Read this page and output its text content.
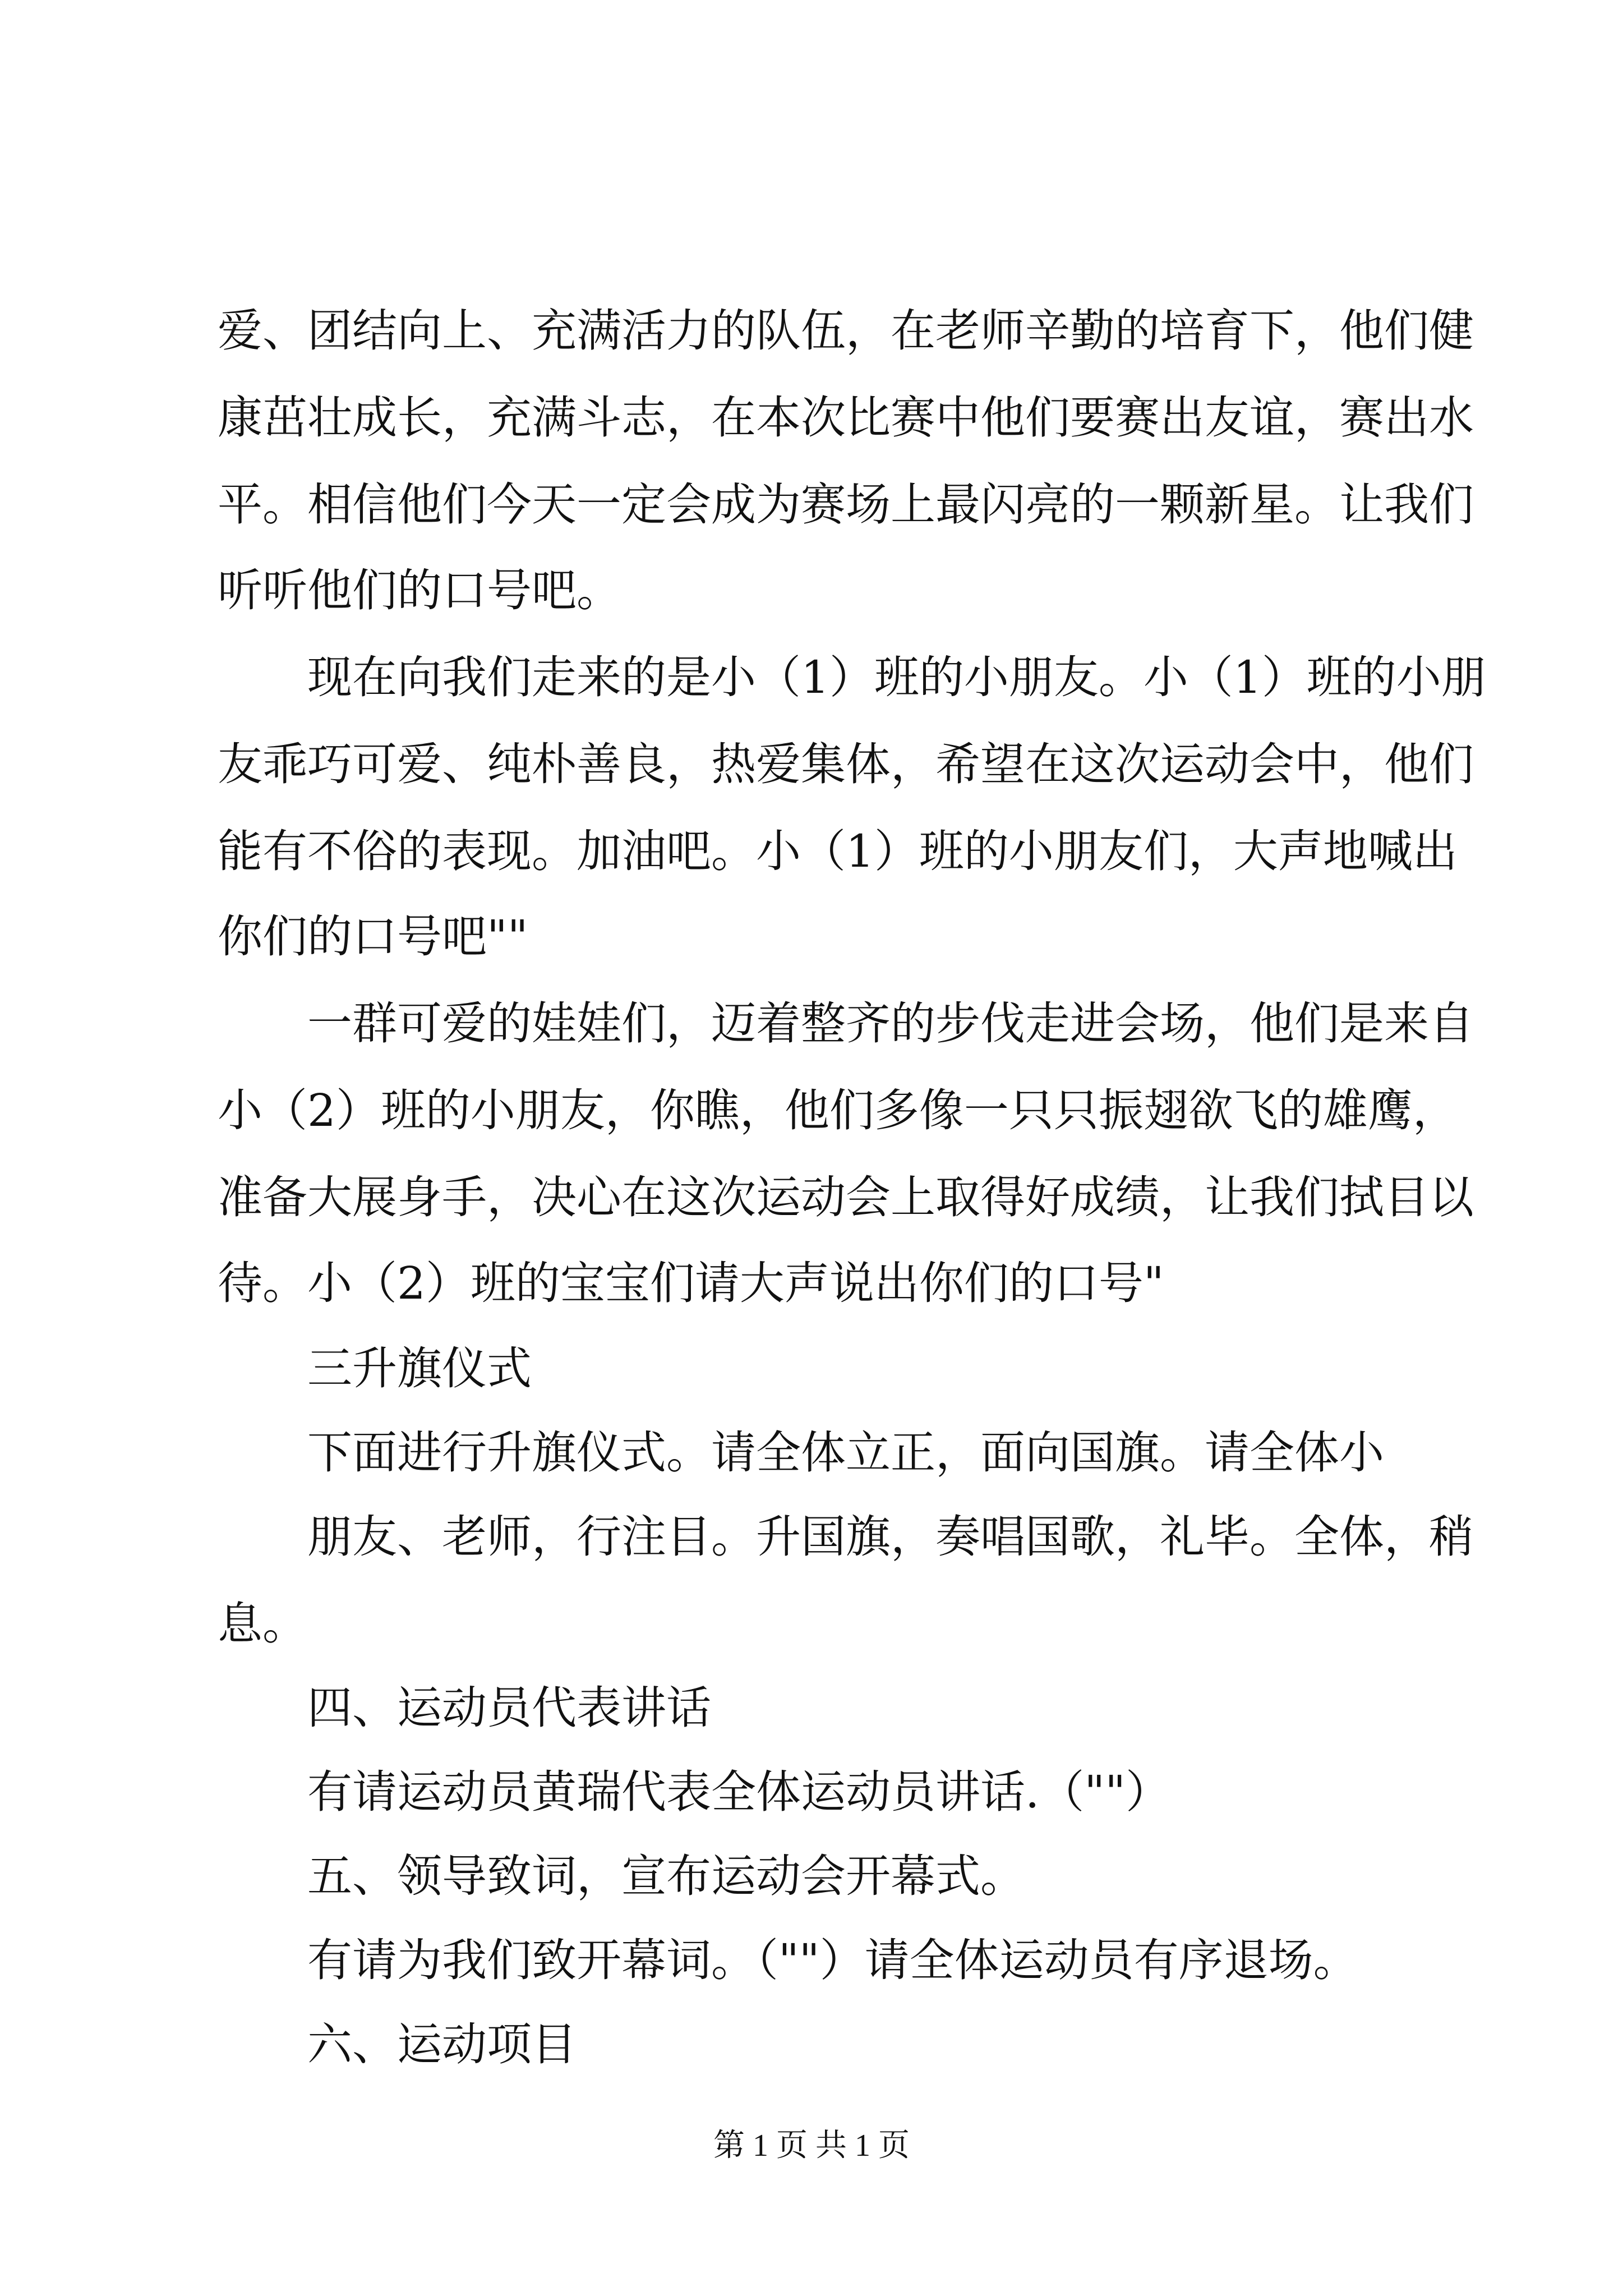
爱、团结向上、充满活力的队伍，在老师辛勤的培育下，他们健
康茁壮成长，充满斗志，在本次比赛中他们要赛出友谊，赛出水
平。相信他们今天一定会成为赛场上最闪亮的一颗新星。让我们
听听他们的口号吧。
现在向我们走来的是小（1）班的小朋友。小（1）班的小朋
友乖巧可爱、纯朴善良，热爱集体，希望在这次运动会中，他们
能有不俗的表现。加油吧。小（1）班的小朋友们，大声地喊出
你们的口号吧""
一群可爱的娃娃们，迈着整齐的步伐走进会场，他们是来自
小（2）班的小朋友，你瞧，他们多像一只只振翅欲飞的雄鹰，
准备大展身手，决心在这次运动会上取得好成绩，让我们拭目以
待。小（2）班的宝宝们请大声说出你们的口号"
三升旗仪式
下面进行升旗仪式。请全体立正，面向国旗。请全体小
朋友、老师，行注目。升国旗，奏唱国歌，礼毕。全体，稍
息。
四、运动员代表讲话
有请运动员黄瑞代表全体运动员讲话.（""）
五、领导致词，宣布运动会开幕式。
有请为我们致开幕词。（""）请全体运动员有序退场。
六、运动项目
第 1 页 共 1 页
